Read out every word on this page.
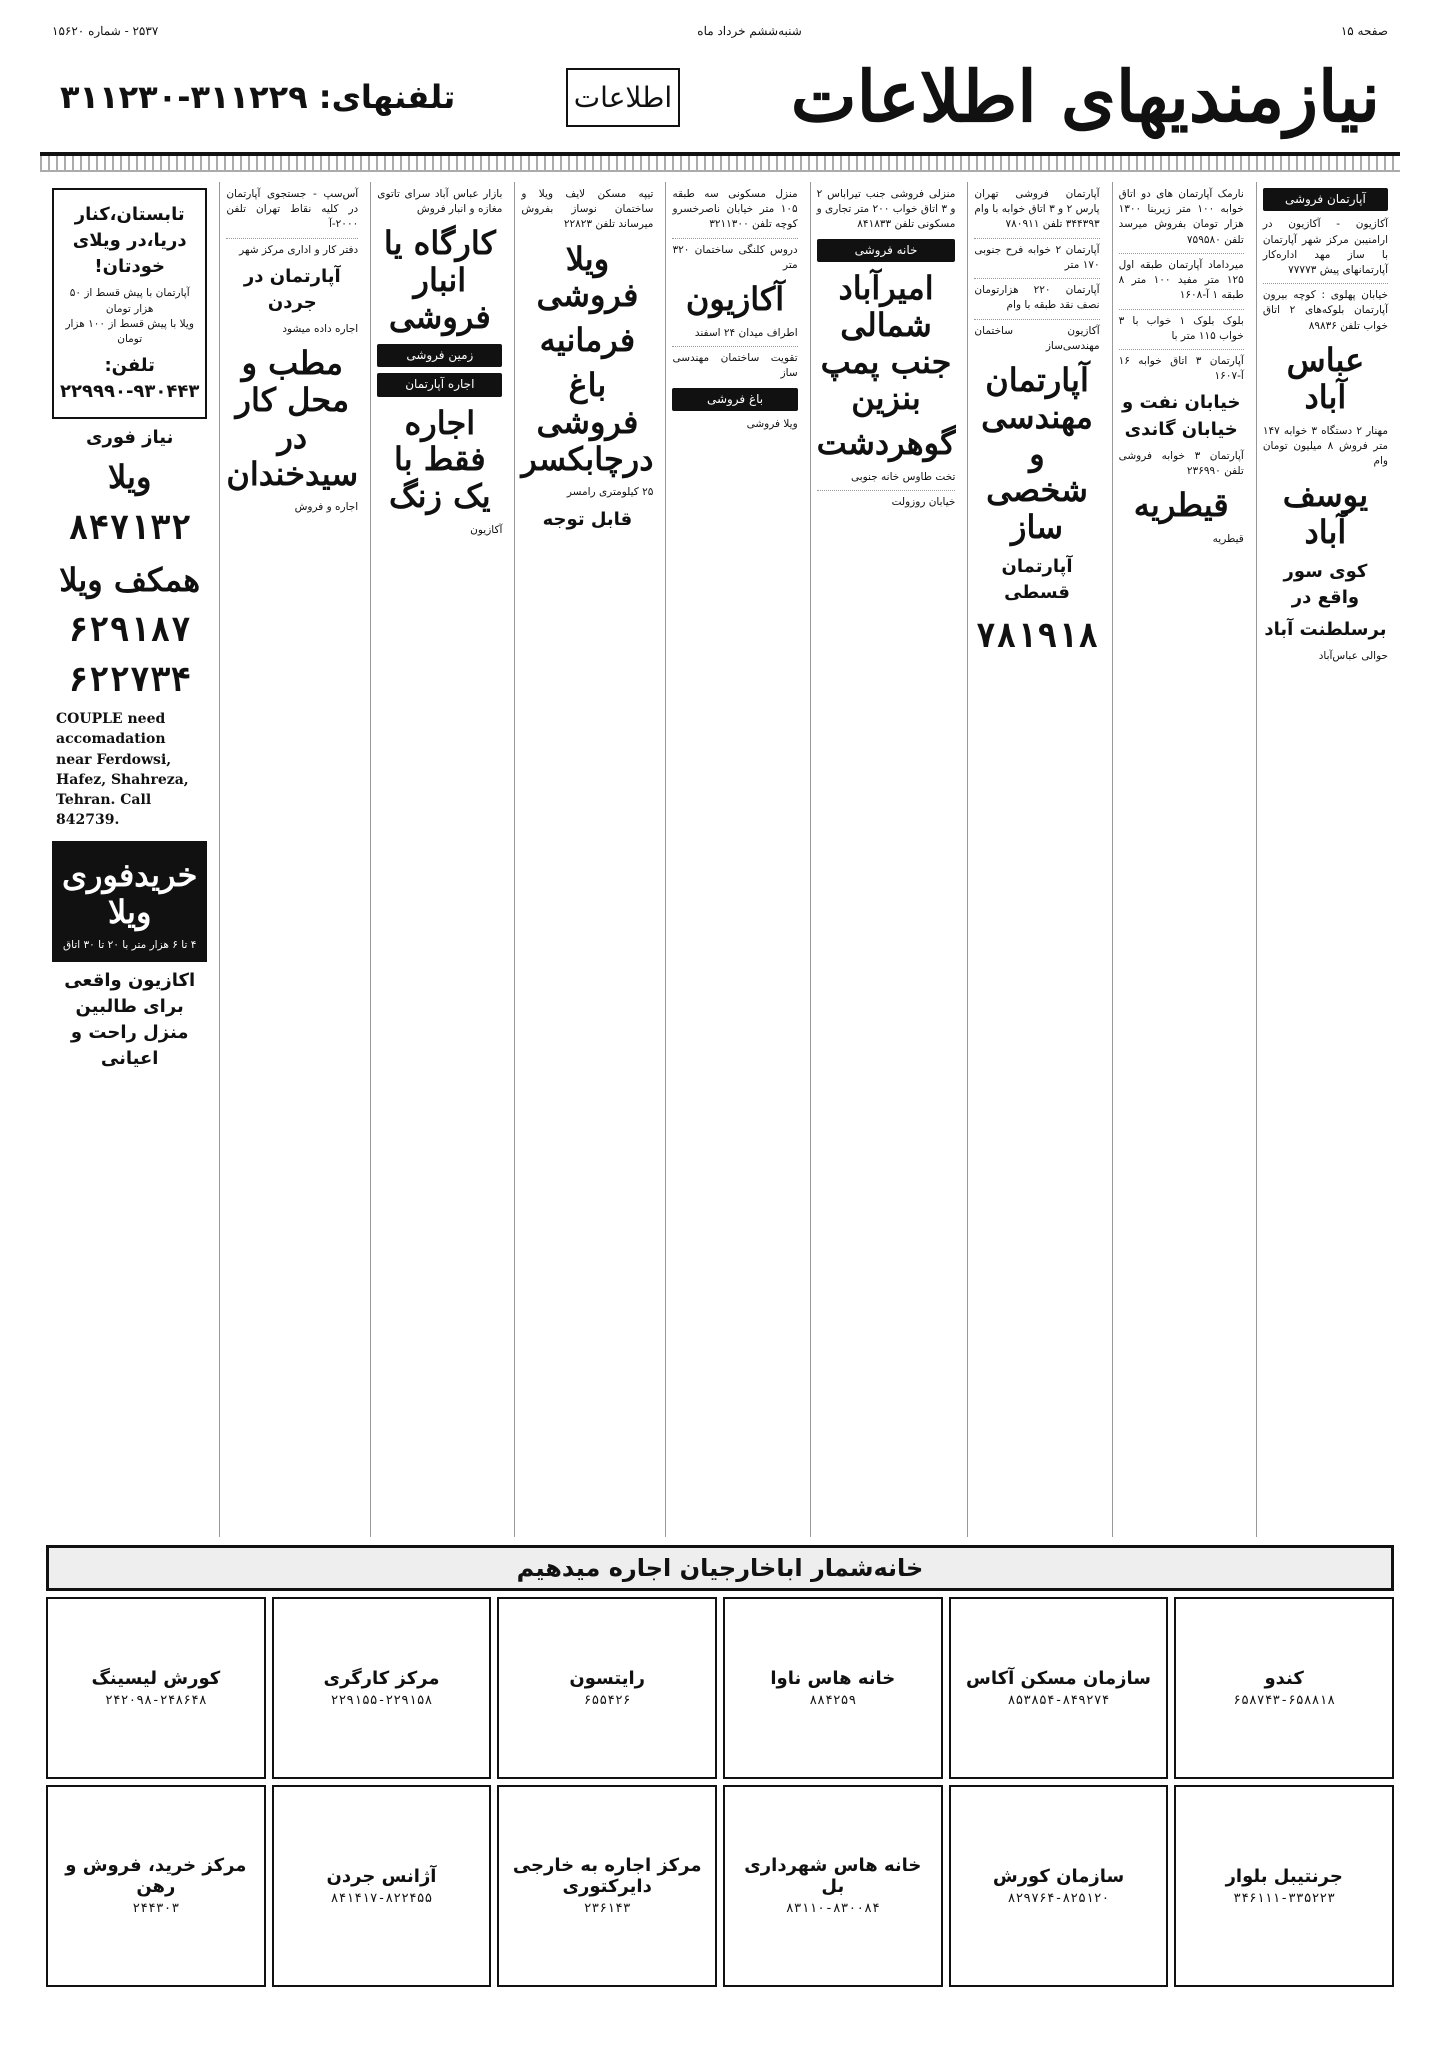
صفحه ۱۵
شنبه‌ششم خرداد ماه
۲۵۳۷ - شماره ۱۵۶۲۰
نیازمندیهای اطلاعات
اطلاعات
تلفنهای: ۳۱۱۲۲۹-۳۱۱۲۳۰
آپارتمان فروشی
آکازیون - آکازیون در ارامنیبن مرکز شهر آپارتمان با ساز مهد اداره‌کار آپارتمانهای پیش ۷۷۷۷۳
خیابان پهلوی : کوچه بیرون آپارتمان بلوکه‌های ۲ اتاق خواب تلفن ۸۹۸۳۶
عباس آباد
مهنار ۲ دستگاه ۳ خوابه ۱۴۷ متر فروش ۸ میلیون تومان وام
یوسف آباد
کوی سور واقع در
برسلطنت آباد
حوالی عباس‌آباد
نارمک آپارتمان های دو اتاق خوابه ۱۰۰ متر زیربنا ۱۳۰۰ هزار تومان بفروش میرسد تلفن ۷۵۹۵۸۰
میرداماد آپارتمان طبقه اول ۱۲۵ متر مفید ۱۰۰ متر ۸ طبقه ۱ آ-۱۶۰۸
بلوک بلوک ۱ خواب با ۳ خواب ۱۱۵ متر با
آپارتمان ۳ اتاق خوابه ۱۶ آ-۱۶۰۷
خیابان نفت و خیابان گاندی
آپارتمان ۳ خوابه فروشی تلفن ۲۳۶۹۹۰
قیطریه
قیطریه
آپارتمان فروشی تهران پارس ۲ و ۳ اتاق خوابه با وام ۳۴۴۳۹۳ تلفن ۷۸۰۹۱۱
آپارتمان ۲ خوابه فرح جنوبی ۱۷۰ متر
آپارتمان ۲۲۰ هزارتومان نصف نقد طبقه با وام
آکازیون ساختمان مهندسی‌ساز
آپارتمان مهندسی و شخصی ساز
آپارتمان قسطی
۷۸۱۹۱۸
منزلی فروشی جنب تیراباس ۲ و ۳ اتاق خواب ۲۰۰ متر تجاری و مسکونی تلفن ۸۴۱۸۳۳
خانه فروشی
امیرآباد شمالی جنب پمپ بنزین
گوهردشت
تخت طاوس خانه جنوبی
خیابان روزولت
منزل مسکونی سه طبقه ۱۰۵ متر خیابان ناصرخسرو کوچه تلفن ۳۲۱۱۳۰۰
دروس کلنگی ساختمان ۳۲۰ متر
آکازیون
اطراف میدان ۲۴ اسفند
تقویت ساختمان مهندسی ساز
باغ فروشی
ویلا فروشی
تیپه مسکن لایف ویلا و ساختمان نوساز بفروش میرساند تلفن ۲۲۸۲۳
ویلا فروشی
فرمانیه
باغ فروشی درچابکسر
۲۵ کیلومتری رامسر
قابل توجه
بازار عباس آباد سرای تاتوی مغازه و انبار فروش
کارگاه یا انبار فروشی
زمین فروشی
اجاره آپارتمان
اجاره فقط با یک زنگ
آکازیون
آس‌سپ - جستجوی آپارتمان در کلیه نقاط تهران تلفن ۲۰۰۰-آ
دفتر کار و اداری مرکز شهر
آپارتمان در جردن
اجاره داده میشود
مطب و محل کار در سیدخندان
اجاره و فروش
تابستان،کنار دریا،در ویلای خودتان!
آپارتمان با پیش قسط از ۵۰ هزار تومان
ویلا با پیش قسط از ۱۰۰ هزار تومان
تلفن: ۹۳۰۴۴۳-۲۲۹۹۹۰
نیاز فوری
ویلا
۸۴۷۱۳۲
همکف ویلا
۶۲۹۱۸۷
۶۲۲۷۳۴
COUPLE need accomadation near Ferdowsi, Hafez, Shahreza, Tehran. Call 842739.
خریدفوری ویلا
۴ تا ۶ هزار متر با ۲۰ تا ۳۰ اتاق
اکازیون واقعی برای طالبین منزل راحت و اعیانی
خانه‌شمار اباخارجیان اجاره میدهیم
کندو
۶۵۸۷۴۳-۶۵۸۸۱۸
سازمان مسکن آکاس
۸۵۳۸۵۴-۸۴۹۲۷۴
خانه هاس ناوا
۸۸۴۲۵۹
رایتسون
۶۵۵۴۲۶
مرکز کارگری
۲۲۹۱۵۵-۲۲۹۱۵۸
کورش لیسینگ
۲۴۲۰۹۸-۲۴۸۶۴۸
جرنتیبل بلوار
۳۴۶۱۱۱-۳۳۵۲۲۳
سازمان کورش
۸۲۹۷۶۴-۸۲۵۱۲۰
خانه هاس شهرداری بل
۸۳۱۱۰-۸۳۰۰۸۴
مرکز اجاره به خارجی دایرکتوری
۲۳۶۱۴۳
آژانس جردن
۸۴۱۴۱۷-۸۲۲۴۵۵
مرکز خرید، فروش و رهن
۲۴۴۳۰۳
